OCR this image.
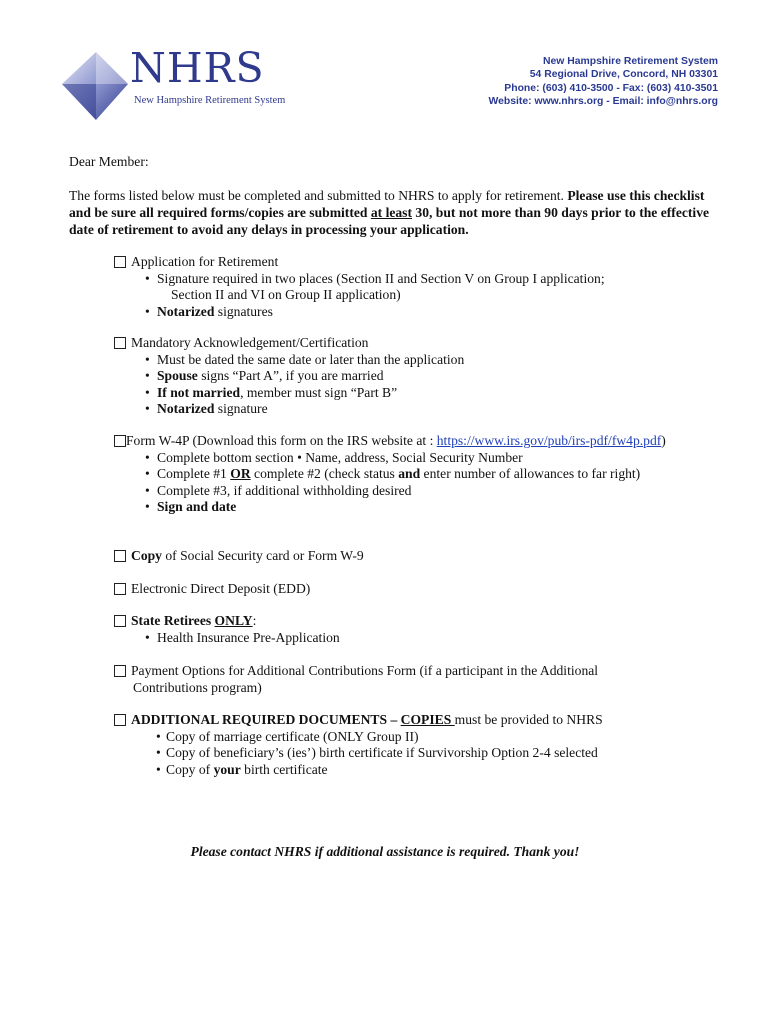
NHRS
New Hampshire Retirement System
New Hampshire Retirement System
54 Regional Drive, Concord, NH 03301
Phone: (603) 410-3500 - Fax: (603) 410-3501
Website: www.nhrs.org - Email: info@nhrs.org
Dear Member:
The forms listed below must be completed and submitted to NHRS to apply for retirement. Please use this checklist and be sure all required forms/copies are submitted at least 30, but not more than 90 days prior to the effective date of retirement to avoid any delays in processing your application.
Application for Retirement
• Signature required in two places (Section II and Section V on Group I application;
Section II and VI on Group II application)
• Notarized signatures
Mandatory Acknowledgement/Certification
• Must be dated the same date or later than the application
• Spouse signs “Part A”, if you are married
• If not married, member must sign “Part B”
• Notarized signature
Form W-4P (Download this form on the IRS website at : https://www.irs.gov/pub/irs-pdf/fw4p.pdf)
• Complete bottom section • Name, address, Social Security Number
• Complete #1 OR complete #2 (check status and enter number of allowances to far right)
• Complete #3, if additional withholding desired
• Sign and date
Copy of Social Security card or Form W-9
Electronic Direct Deposit (EDD)
State Retirees ONLY:
• Health Insurance Pre-Application
Payment Options for Additional Contributions Form (if a participant in the Additional
Contributions program)
ADDITIONAL REQUIRED DOCUMENTS – COPIES must be provided to NHRS
• Copy of marriage certificate (ONLY Group II)
• Copy of beneficiary’s (ies’) birth certificate if Survivorship Option 2-4 selected
• Copy of your birth certificate
Please contact NHRS if additional assistance is required. Thank you!
